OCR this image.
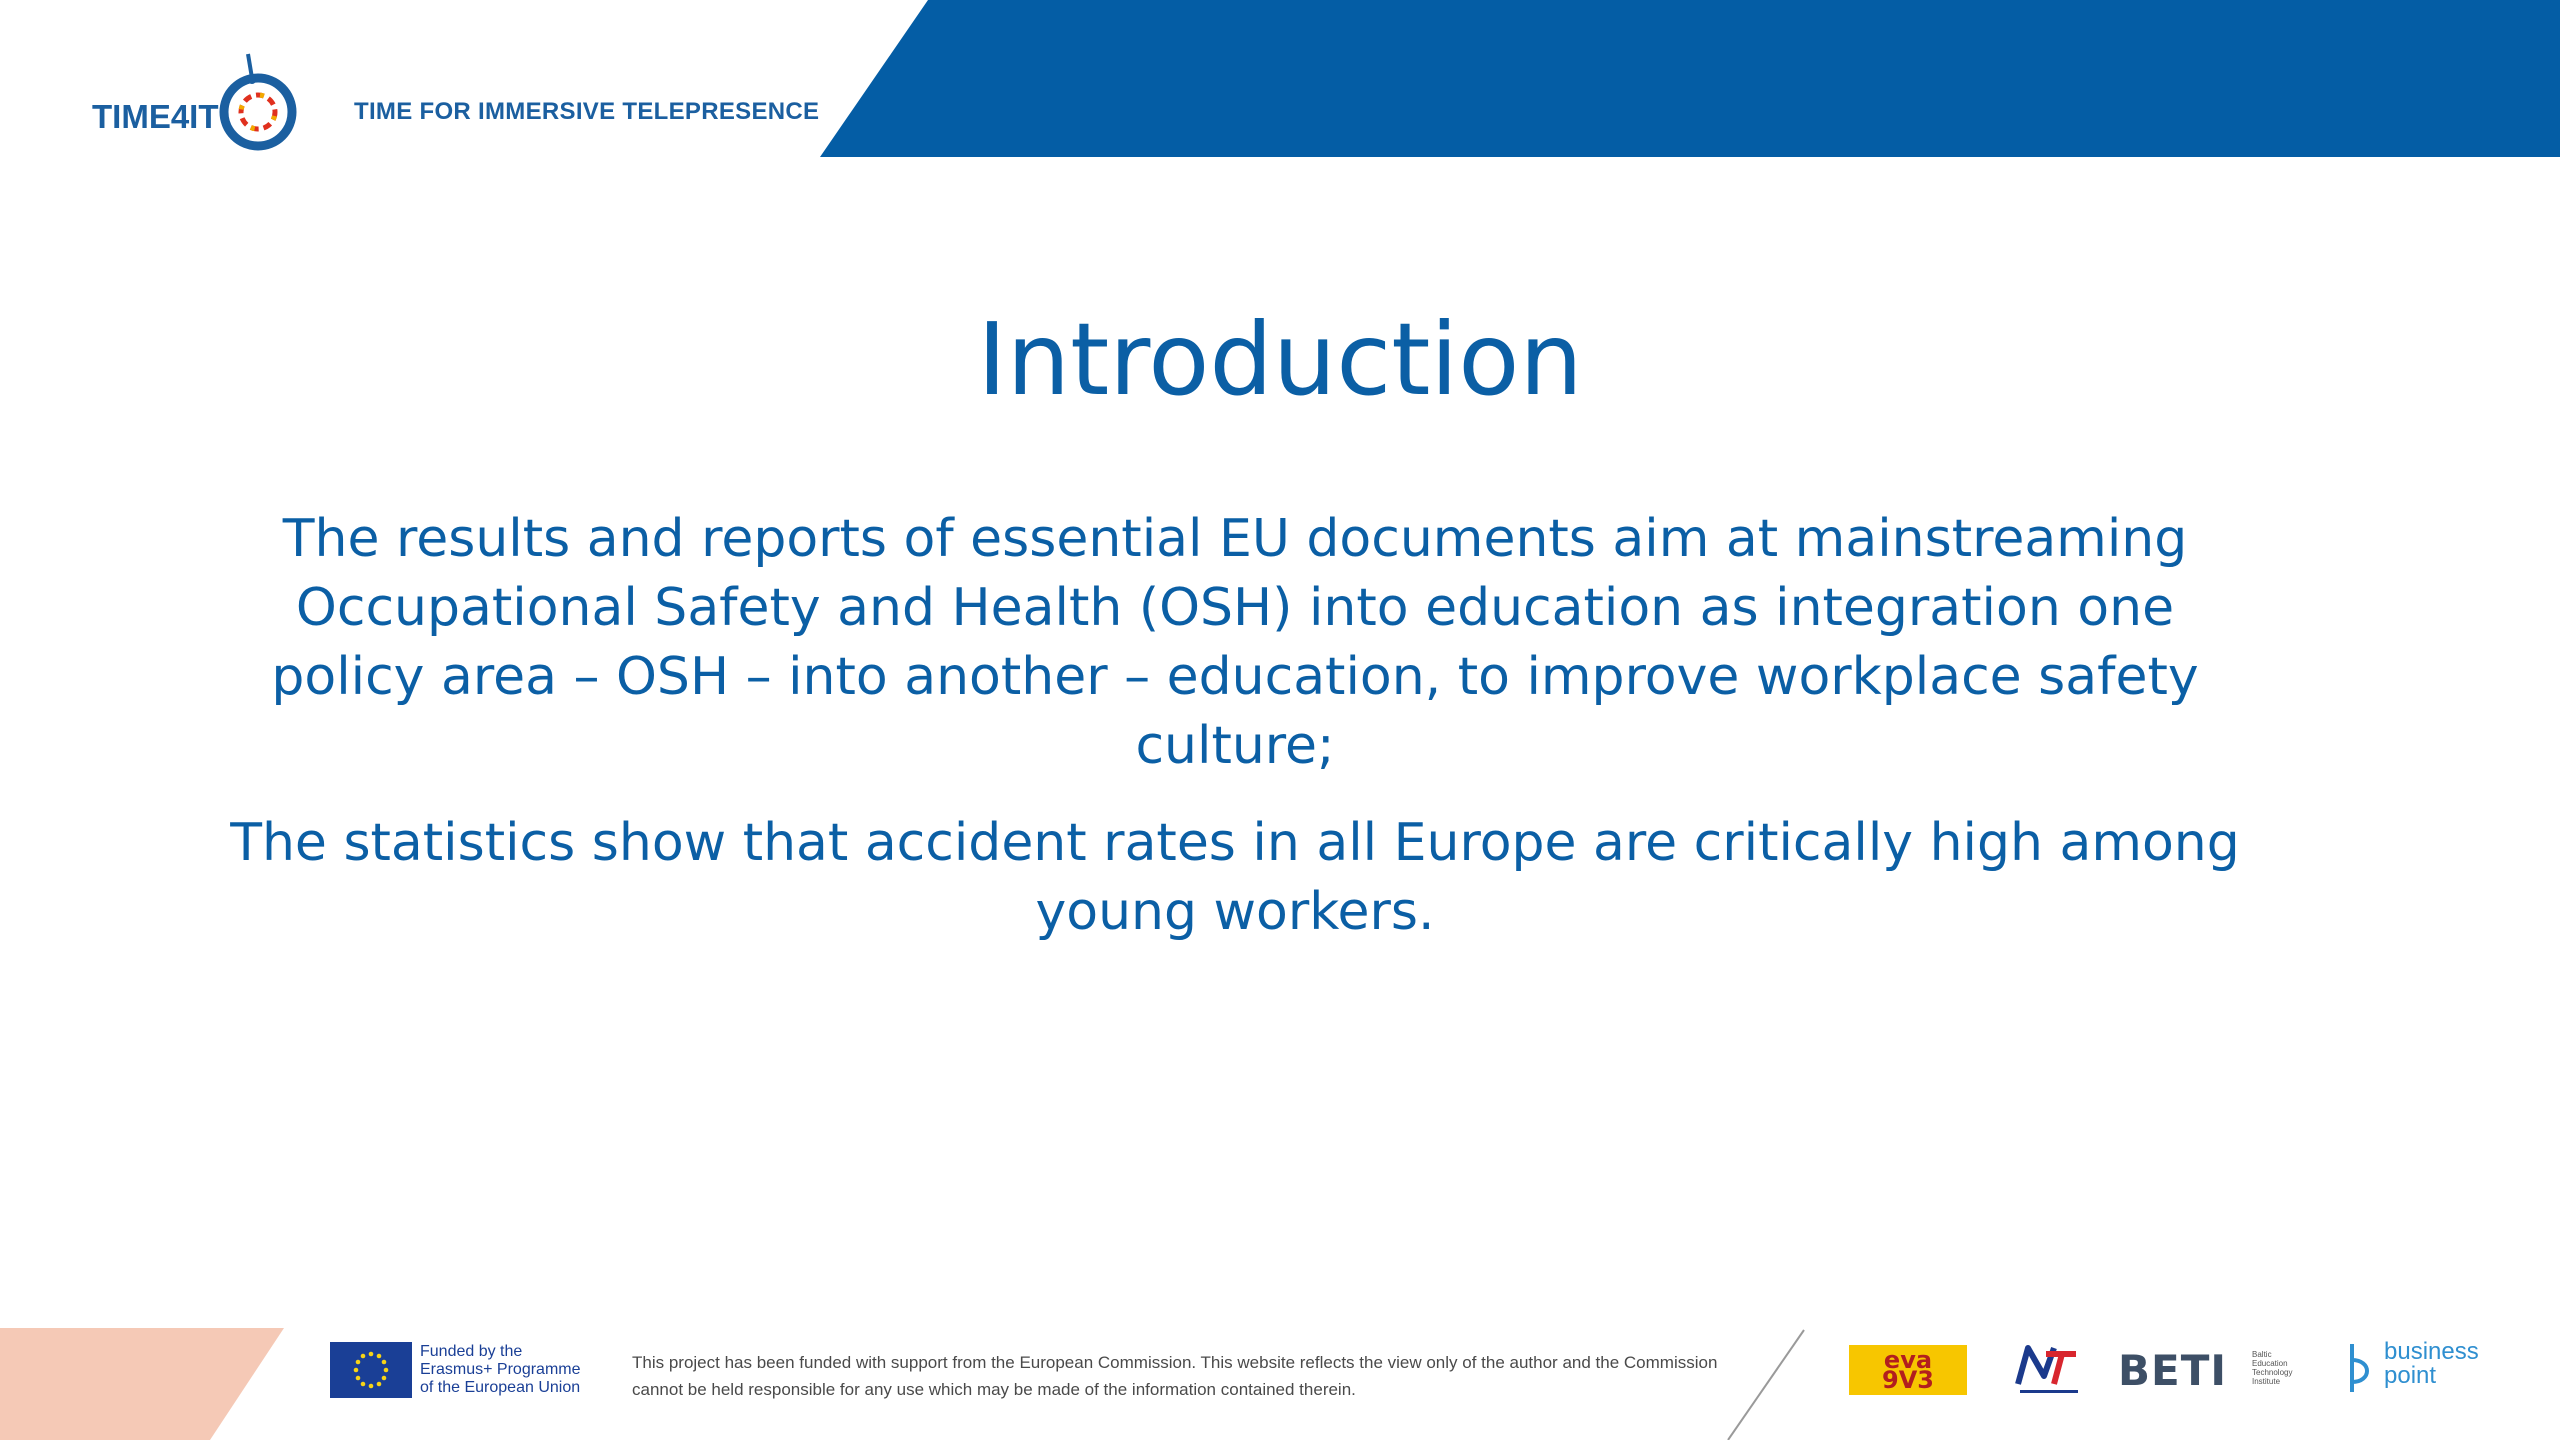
TIME4IT	TIME FOR IMMERSIVE TELEPRESENCE
Introduction
The results and reports of essential EU documents aim at mainstreaming Occupational Safety and Health (OSH) into education as integration one policy area – OSH – into another – education, to improve workplace safety culture;
The statistics show that accident rates in all Europe are critically high among young workers.
Funded by the
Erasmus+ Programme
of the European Union
This project has been funded with support from the European Commission. This website reflects the view only of the author and the Commission cannot be held responsible for any use which may be made of the information contained therein.
eva
9V3	BETI	Baltic
Education
Technology
Institute
business
point
